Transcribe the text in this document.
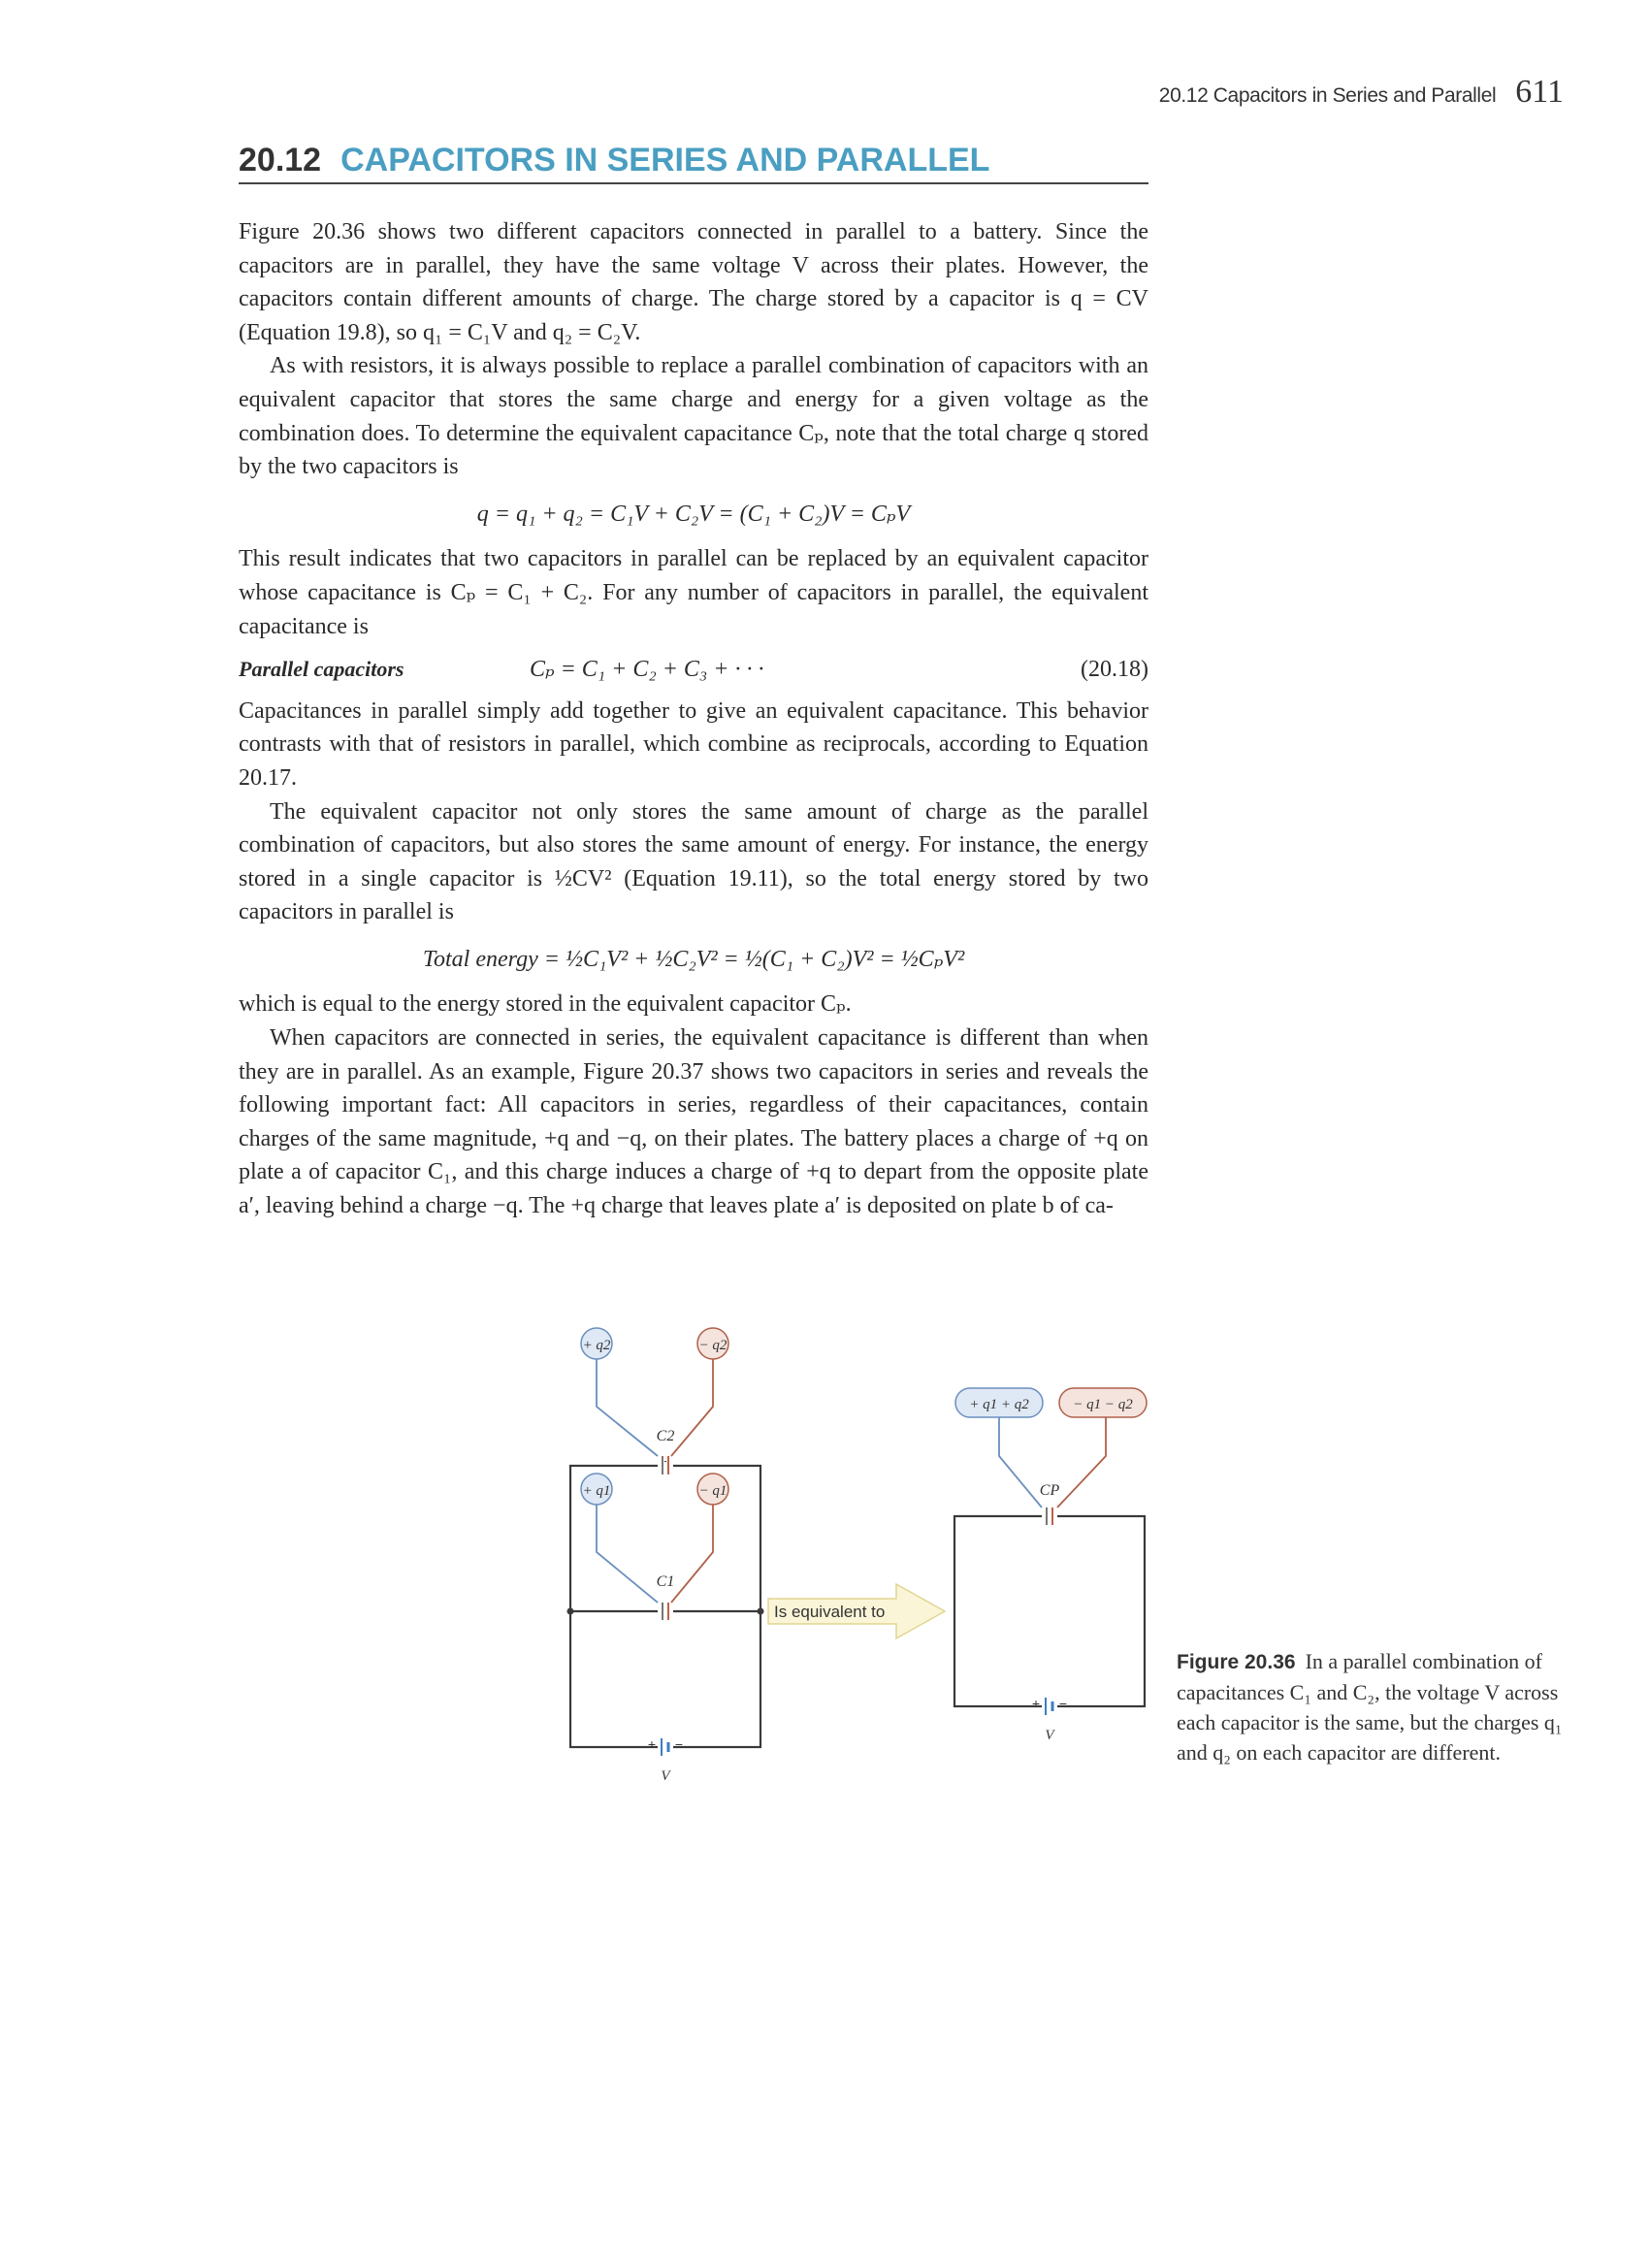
20.12 Capacitors in Series and Parallel 611
20.12 CAPACITORS IN SERIES AND PARALLEL

Figure 20.36 shows two different capacitors connected in parallel to a battery. Since the capacitors are in parallel, they have the same voltage V across their plates. However, the capacitors contain different amounts of charge. The charge stored by a capacitor is q = CV (Equation 19.8), so q₁ = C₁V and q₂ = C₂V.

As with resistors, it is always possible to replace a parallel combination of capacitors with an equivalent capacitor that stores the same charge and energy for a given voltage as the combination does. To determine the equivalent capacitance Cₚ, note that the total charge q stored by the two capacitors is

q = q₁ + q₂ = C₁V + C₂V = (C₁ + C₂)V = CₚV

This result indicates that two capacitors in parallel can be replaced by an equivalent capacitor whose capacitance is Cₚ = C₁ + C₂. For any number of capacitors in parallel, the equivalent capacitance is

Parallel capacitors	Cₚ = C₁ + C₂ + C₃ + · · ·	(20.18)

Capacitances in parallel simply add together to give an equivalent capacitance. This behavior contrasts with that of resistors in parallel, which combine as reciprocals, according to Equation 20.17.

The equivalent capacitor not only stores the same amount of charge as the parallel combination of capacitors, but also stores the same amount of energy. For instance, the energy stored in a single capacitor is ½CV² (Equation 19.11), so the total energy stored by two capacitors in parallel is

Total energy = ½C₁V² + ½C₂V² = ½(C₁ + C₂)V² = ½CₚV²

which is equal to the energy stored in the equivalent capacitor Cₚ.

When capacitors are connected in series, the equivalent capacitance is different than when they are in parallel. As an example, Figure 20.37 shows two capacitors in series and reveals the following important fact: All capacitors in series, regardless of their capacitances, contain charges of the same magnitude, +q and −q, on their plates. The battery places a charge of +q on plate a of capacitor C₁, and this charge induces a charge of +q to depart from the opposite plate a′, leaving behind a charge −q. The +q charge that leaves plate a′ is deposited on plate b of ca-

+ q2	− q2
+ q1	− q1
C2
C1
+ −
V
Is equivalent to
+ q1 + q2	− q1 − q2
CP
+ −
V
Figure 20.36 In a parallel combination of capacitances C₁ and C₂, the voltage V across each capacitor is the same, but the charges q₁ and q₂ on each capacitor are different.
